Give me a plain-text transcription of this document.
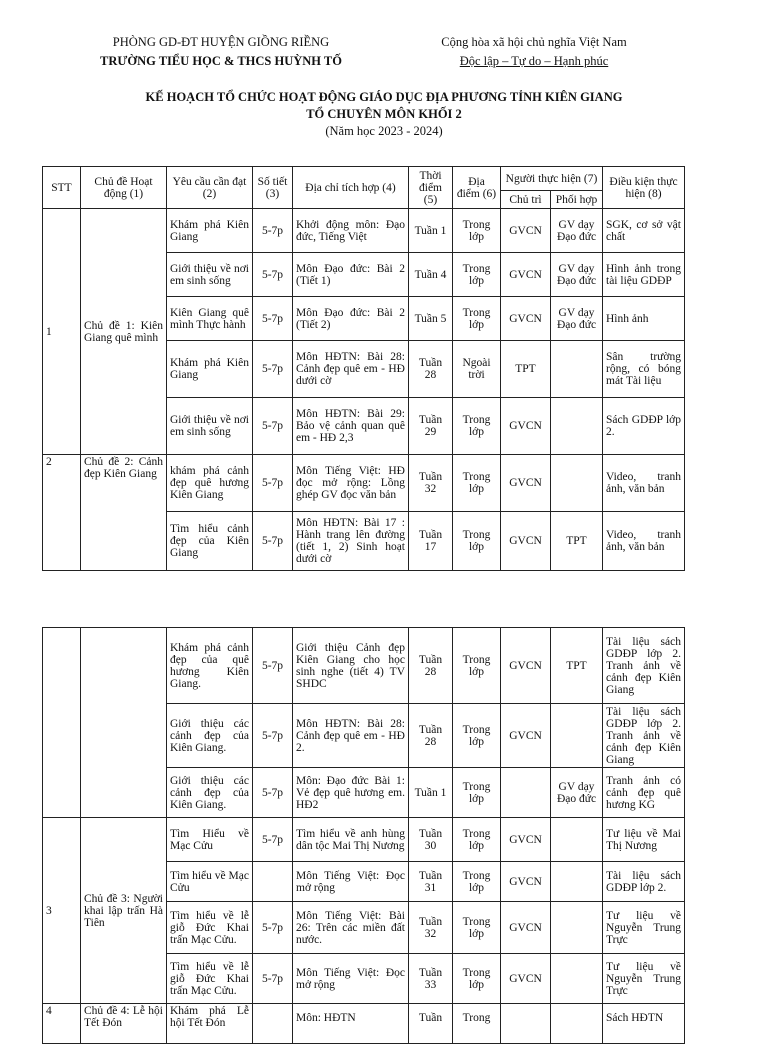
PHÒNG GD-ĐT HUYỆN GIỒNG RIỀNG
TRƯỜNG TIỂU HỌC & THCS HUỲNH TỐ
Cộng hòa xã hội chủ nghĩa Việt Nam
Độc lập – Tự do – Hạnh phúc
KẾ HOẠCH TỔ CHỨC HOẠT ĐỘNG GIÁO DỤC ĐỊA PHƯƠNG TỈNH KIÊN GIANG
TỔ CHUYÊN MÔN KHỐI 2
(Năm học 2023 - 2024)
STT	Chủ đề Hoạt động (1)	Yêu cầu cần đạt (2)	Số tiết (3)	Địa chỉ tích hợp (4)	Thời điểm (5)	Địa điểm (6)	Người thực hiện (7)		Điều kiện thực hiện (8)
							Chủ trì	Phối hợp	
1	Chủ đề 1: Kiên Giang quê mình	Khám phá Kiên Giang	5-7p	Khởi động môn: Đạo đức, Tiếng Việt	Tuần 1	Trong lớp	GVCN	GV dạy Đạo đức	SGK, cơ sở vật chất
		Giới thiệu về nơi em sinh sống	5-7p	Môn Đạo đức: Bài 2 (Tiết 1)	Tuần 4	Trong lớp	GVCN	GV dạy Đạo đức	Hình ảnh trong tài liệu GDĐP
		Kiên Giang quê mình Thực hành	5-7p	Môn Đạo đức: Bài 2 (Tiết 2)	Tuần 5	Trong lớp	GVCN	GV dạy Đạo đức	Hình ảnh
		Khám phá Kiên Giang	5-7p	Môn HĐTN: Bài 28: Cảnh đẹp quê em - HĐ dưới cờ	Tuần 28	Ngoài trời	TPT		Sân trường rộng, có bóng mát Tài liệu
		Giới thiệu về nơi em sinh sống	5-7p	Môn HĐTN: Bài 29: Bảo vệ cảnh quan quê em - HĐ 2,3	Tuần 29	Trong lớp	GVCN		Sách GDĐP lớp 2.
2	Chủ đề 2: Cảnh đẹp Kiên Giang	khám phá cảnh đẹp quê hương Kiên Giang	5-7p	Môn Tiếng Việt: HĐ đọc mở rộng: Lồng ghép GV đọc văn bản	Tuần 32	Trong lớp	GVCN		Video, tranh ảnh, văn bản
		Tìm hiểu cảnh đẹp của Kiên Giang	5-7p	Môn HĐTN: Bài 17 : Hành trang lên đường (tiết 1, 2) Sinh hoạt dưới cờ	Tuần 17	Trong lớp	GVCN	TPT	Video, tranh ảnh, văn bản
		Khám phá cảnh đẹp của quê hương Kiên Giang.	5-7p	Giới thiệu Cảnh đẹp Kiên Giang cho học sinh nghe (tiết 4) TV SHDC	Tuần 28	Trong lớp	GVCN	TPT	Tài liệu sách GDĐP lớp 2. Tranh ảnh về cảnh đẹp Kiên Giang
		Giới thiệu các cảnh đẹp của Kiên Giang.	5-7p	Môn HĐTN: Bài 28: Cảnh đẹp quê em - HĐ 2.	Tuần 28	Trong lớp	GVCN		Tài liệu sách GDĐP lớp 2. Tranh ảnh về cảnh đẹp Kiên Giang
		Giới thiệu các cảnh đẹp của Kiên Giang.	5-7p	Môn: Đạo đức Bài 1: Vẻ đẹp quê hương em. HĐ2	Tuần 1	Trong lớp		GV dạy Đạo đức	Tranh ảnh có cảnh đẹp quê hương KG
3	Chủ đề 3: Người khai lập trấn Hà Tiên	Tìm Hiểu về Mạc Cửu	5-7p	Tìm hiểu về anh hùng dân tộc Mai Thị Nương	Tuần 30	Trong lớp	GVCN		Tư liệu về Mai Thị Nương
		Tìm hiểu về Mạc Cửu		Môn Tiếng Việt: Đọc mở rộng	Tuần 31	Trong lớp	GVCN		Tài liệu sách GDĐP lớp 2.
		Tìm hiểu về lễ giỗ Đức Khai trấn Mạc Cửu.	5-7p	Môn Tiếng Việt: Bài 26: Trên các miền đất nước.	Tuần 32	Trong lớp	GVCN		Tư liệu về Nguyễn Trung Trực
		Tìm hiểu về lễ giỗ Đức Khai trấn Mạc Cửu.	5-7p	Môn Tiếng Việt: Đọc mở rộng	Tuần 33	Trong lớp	GVCN		Tư liệu về Nguyễn Trung Trực
4	Chủ đề 4: Lễ hội Tết Đón	Khám phá Lễ hội Tết Đón		Môn: HĐTN	Tuần	Trong			Sách HĐTN
